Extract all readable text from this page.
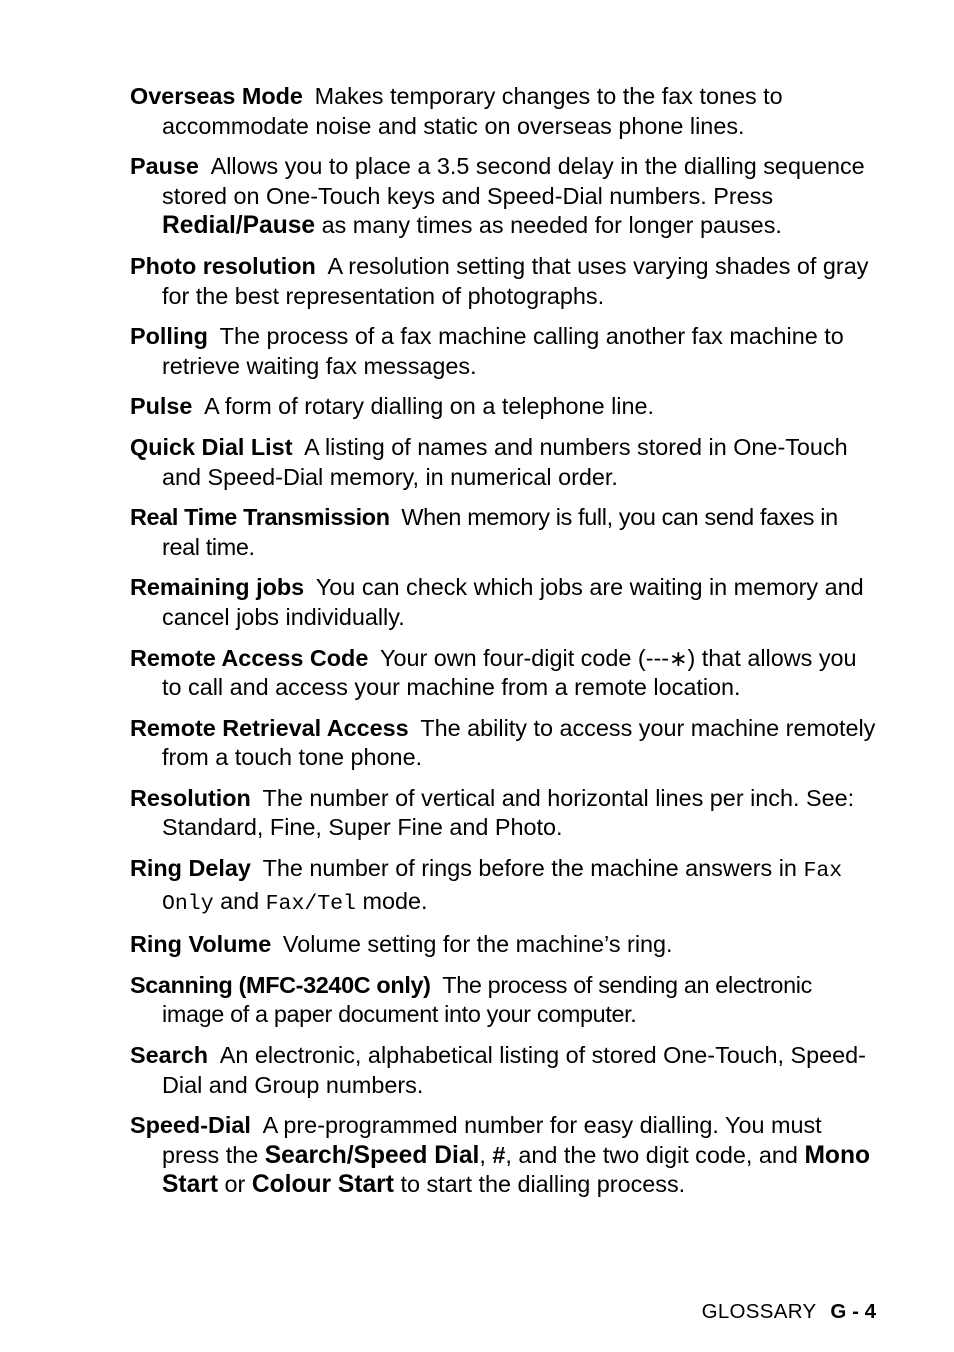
Overseas Mode Makes temporary changes to the fax tones to accommodate noise and static on overseas phone lines.

Pause Allows you to place a 3.5 second delay in the dialling sequence stored on One-Touch keys and Speed-Dial numbers. Press Redial/Pause as many times as needed for longer pauses.

Photo resolution A resolution setting that uses varying shades of gray for the best representation of photographs.

Polling The process of a fax machine calling another fax machine to retrieve waiting fax messages.

Pulse A form of rotary dialling on a telephone line.

Quick Dial List A listing of names and numbers stored in One-Touch and Speed-Dial memory, in numerical order.

Real Time Transmission When memory is full, you can send faxes in real time.

Remaining jobs You can check which jobs are waiting in memory and cancel jobs individually.

Remote Access Code Your own four-digit code (---∗) that allows you to call and access your machine from a remote location.

Remote Retrieval Access The ability to access your machine remotely from a touch tone phone.

Resolution The number of vertical and horizontal lines per inch. See: Standard, Fine, Super Fine and Photo.

Ring Delay The number of rings before the machine answers in Fax Only and Fax/Tel mode.

Ring Volume Volume setting for the machine’s ring.

Scanning (MFC-3240C only) The process of sending an electronic image of a paper document into your computer.

Search An electronic, alphabetical listing of stored One-Touch, Speed-Dial and Group numbers.

Speed-Dial A pre-programmed number for easy dialling. You must press the Search/Speed Dial, #, and the two digit code, and Mono Start or Colour Start to start the dialling process.

GLOSSARY G - 4
